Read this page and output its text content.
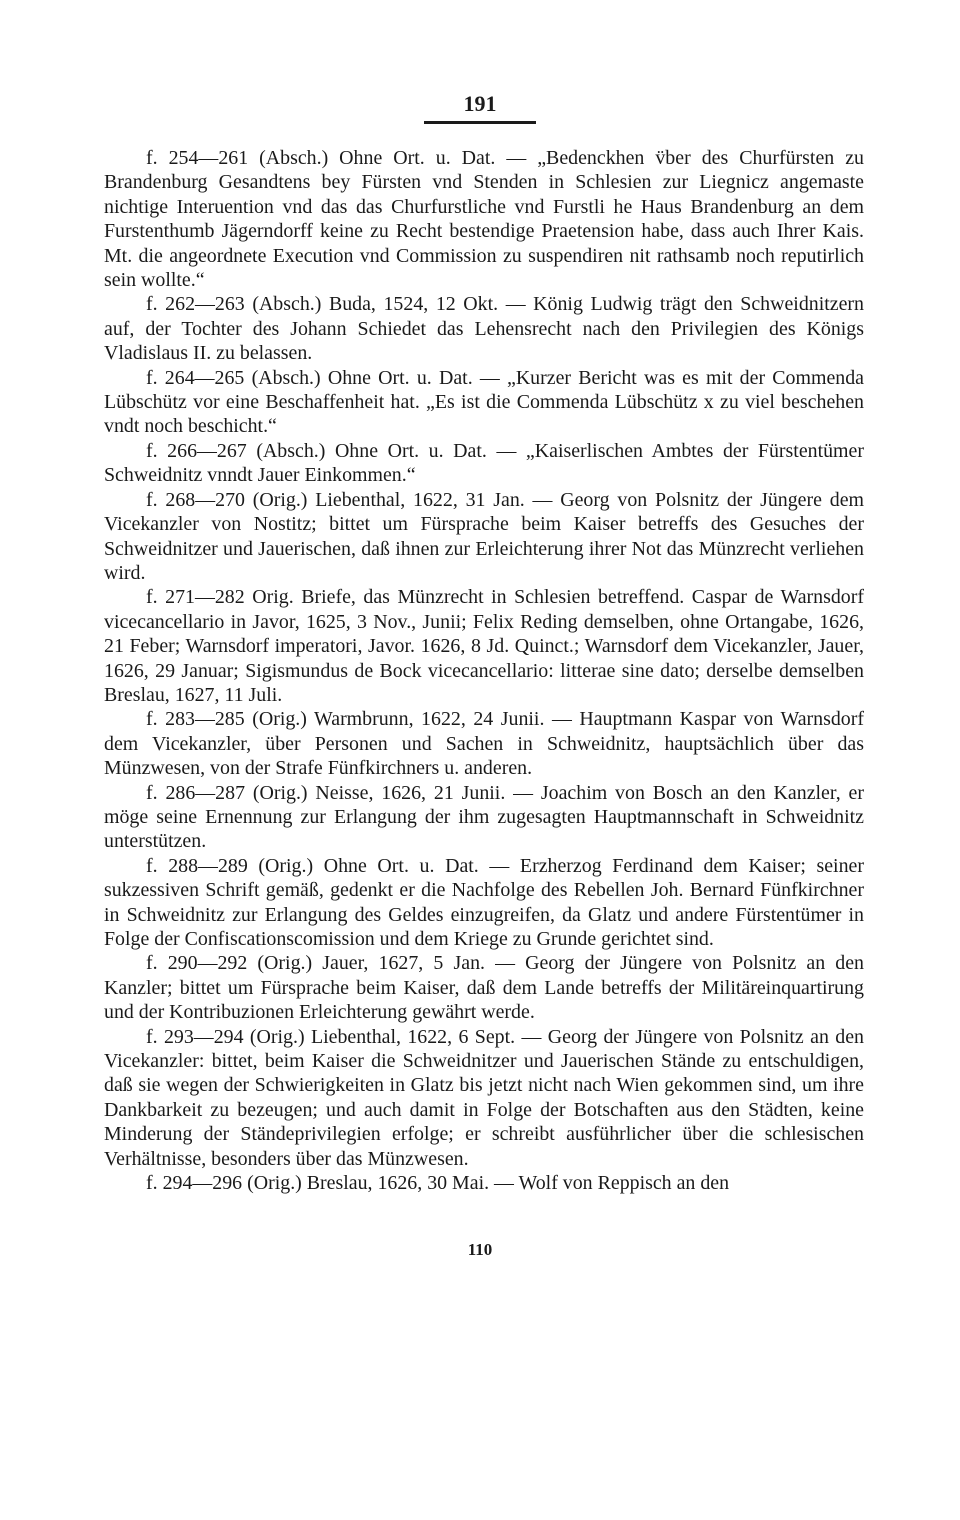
191

f. 254—261 (Absch.) Ohne Ort. u. Dat. — „Bedenckhen v̈ber des Churfürsten zu Brandenburg Gesandtens bey Fürsten vnd Stenden in Schlesien zur Liegnicz angemaste nichtige Interuention vnd das das Churfurstliche vnd Furstli he Haus Brandenburg an dem Furstenthumb Jägerndorff keine zu Recht bestendige Praetension habe, dass auch Ihrer Kais. Mt. die angeordnete Execution vnd Commission zu suspendiren nit rathsamb noch reputirlich sein wollte.“

f. 262—263 (Absch.) Buda, 1524, 12 Okt. — König Ludwig trägt den Schweidnitzern auf, der Tochter des Johann Schiedet das Lehensrecht nach den Privilegien des Königs Vladislaus II. zu belassen.

f. 264—265 (Absch.) Ohne Ort. u. Dat. — „Kurzer Bericht was es mit der Commenda Lübschütz vor eine Beschaffenheit hat. „Es ist die Commenda Lübschütz x zu viel beschehen vndt noch beschicht.“

f. 266—267 (Absch.) Ohne Ort. u. Dat. — „Kaiserlischen Ambtes der Fürstentümer Schweidnitz vnndt Jauer Einkommen.“

f. 268—270 (Orig.) Liebenthal, 1622, 31 Jan. — Georg von Polsnitz der Jüngere dem Vicekanzler von Nostitz; bittet um Fürsprache beim Kaiser betreffs des Gesuches der Schweidnitzer und Jauerischen, daß ihnen zur Erleichterung ihrer Not das Münzrecht verliehen wird.

f. 271—282 Orig. Briefe, das Münzrecht in Schlesien betreffend. Caspar de Warnsdorf vicecancellario in Javor, 1625, 3 Nov., Junii; Felix Reding demselben, ohne Ortangabe, 1626, 21 Feber; Warnsdorf imperatori, Javor. 1626, 8 Jd. Quinct.; Warnsdorf dem Vicekanzler, Jauer, 1626, 29 Januar; Sigismundus de Bock vicecancellario: litterae sine dato; derselbe demselben Breslau, 1627, 11 Juli.

f. 283—285 (Orig.) Warmbrunn, 1622, 24 Junii. — Hauptmann Kaspar von Warnsdorf dem Vicekanzler, über Personen und Sachen in Schweidnitz, hauptsächlich über das Münzwesen, von der Strafe Fünfkirchners u. anderen.

f. 286—287 (Orig.) Neisse, 1626, 21 Junii. — Joachim von Bosch an den Kanzler, er möge seine Ernennung zur Erlangung der ihm zugesagten Hauptmannschaft in Schweidnitz unterstützen.

f. 288—289 (Orig.) Ohne Ort. u. Dat. — Erzherzog Ferdinand dem Kaiser; seiner sukzessiven Schrift gemäß, gedenkt er die Nachfolge des Rebellen Joh. Bernard Fünfkirchner in Schweidnitz zur Erlangung des Geldes einzugreifen, da Glatz und andere Fürstentümer in Folge der Confiscationscomission und dem Kriege zu Grunde gerichtet sind.

f. 290—292 (Orig.) Jauer, 1627, 5 Jan. — Georg der Jüngere von Polsnitz an den Kanzler; bittet um Fürsprache beim Kaiser, daß dem Lande betreffs der Militäreinquartirung und der Kontribuzionen Erleichterung gewährt werde.

f. 293—294 (Orig.) Liebenthal, 1622, 6 Sept. — Georg der Jüngere von Polsnitz an den Vicekanzler: bittet, beim Kaiser die Schweidnitzer und Jauerischen Stände zu entschuldigen, daß sie wegen der Schwierigkeiten in Glatz bis jetzt nicht nach Wien gekommen sind, um ihre Dankbarkeit zu bezeugen; und auch damit in Folge der Botschaften aus den Städten, keine Minderung der Ständeprivilegien erfolge; er schreibt ausführlicher über die schlesischen Verhältnisse, besonders über das Münzwesen.

f. 294—296 (Orig.) Breslau, 1626, 30 Mai. — Wolf von Reppisch an den

110
